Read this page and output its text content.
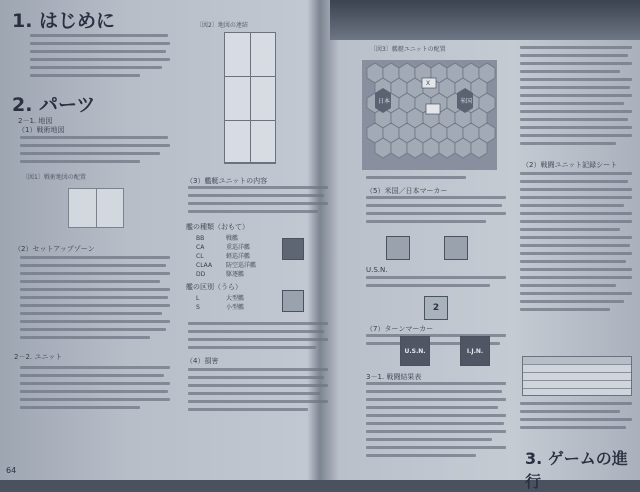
1. はじめに
2. パーツ
2－1. 地図
（1）戦術地図
〔図1〕戦術地図の配置
（2）セットアップゾーン
2－2. ユニット
64
〔図2〕地図の連結
（3）艦艇ユニットの内容
艦の種類（おもて）
BB	戦艦
CA	重巡洋艦
CL	軽巡洋艦
CLAA 防空巡洋艦
DD	駆逐艦
艦の区別（うら）
L	大型艦
S	小型艦
（4）損害
〔図3〕艦艇ユニットの配置
日本	米国
X
（5）米国／日本マーカー
U.S.N.
2
（7）ターンマーカー
U.S.N.	I.J.N.
3－1. 戦闘結果表
（2）戦闘ユニット記録シート
3. ゲームの進行
